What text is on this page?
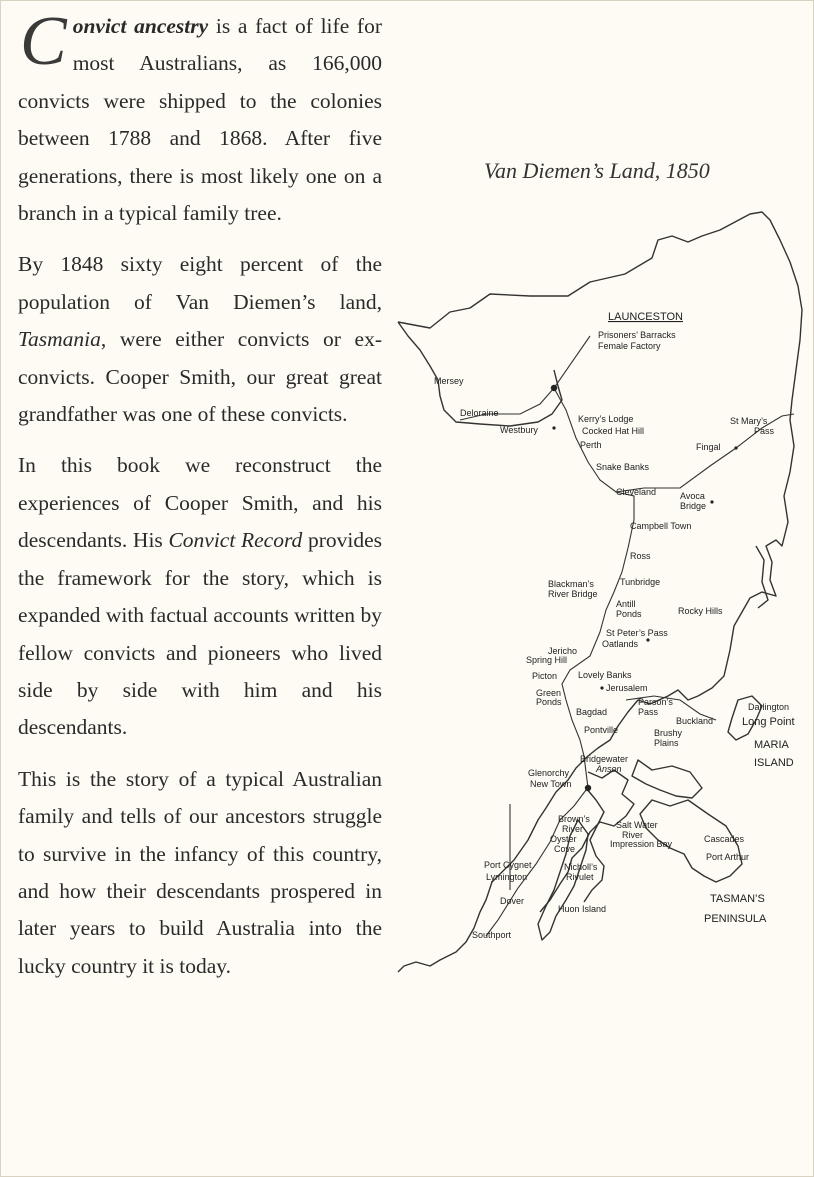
Convict ancestry is a fact of life for most Australians, as 166,000 convicts were shipped to the colonies between 1788 and 1868. After five generations, there is most likely one on a branch in a typical family tree.

By 1848 sixty eight percent of the population of Van Diemen’s land, Tasmania, were either convicts or ex-convicts. Cooper Smith, our great great grandfather was one of these convicts.

In this book we reconstruct the experiences of Cooper Smith, and his descendants. His Convict Record provides the framework for the story, which is expanded with factual accounts written by fellow convicts and pioneers who lived side by side with him and his descendants.

This is the story of a typical Australian family and tells of our ancestors struggle to survive in the infancy of this country, and how their descendants prospered in later years to build Australia into the lucky country it is today.

Van Diemen’s Land, 1850
LAUNCESTON
Prisoners’ Barracks
Female Factory
Mersey
Deloraine
Westbury
Kerry’s Lodge
Cocked Hat Hill
Perth
St Mary’s
Pass
Fingal
Snake Banks
Cleveland	Avoca
Bridge
Campbell Town
Ross
Blackman’s
River Bridge
Tunbridge
Antill
Ponds	Rocky Hills
St Peter’s Pass
Oatlands
Jericho
Spring Hill
Picton Lovely Banks
Jerusalem
Green
Ponds	Parson’s
Pass
Bagdad
Buckland
Darlington
Long Point
MARIA
ISLAND
Pontville	Brushy
Plains
Bridgewater
Anson
Glenorchy
New Town
Brown’s
River	Salt Water
River
Oyster
Cove	Impression Bay	Cascades
Port Cygnet
Lymington
Nicholl’s
Rivulet
Port Arthur
Dover
Huon Island
TASMAN’S
PENINSULA
Southport
